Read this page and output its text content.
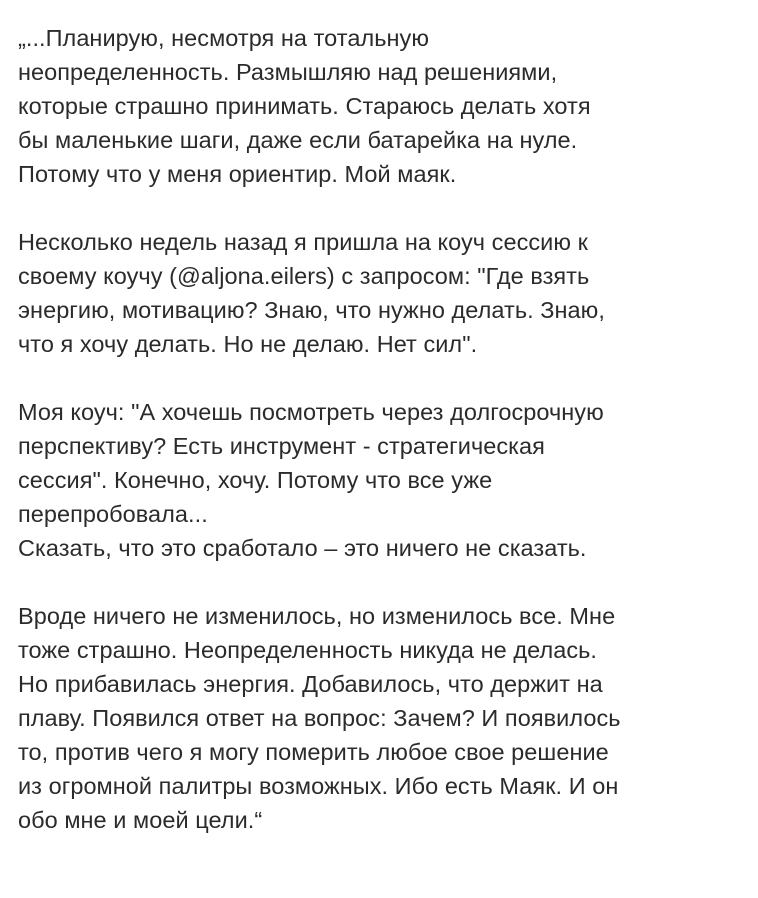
„...Планирую, несмотря на тотальную
неопределенность. Размышляю над решениями,
которые страшно принимать. Стараюсь делать хотя
бы маленькие шаги, даже если батарейка на нуле.
Потому что у меня ориентир. Мой маяк.

Несколько недель назад я пришла на коуч сессию к
своему коучу (@aljona.eilers) с запросом: "Где взять
энергию, мотивацию? Знаю, что нужно делать. Знаю,
что я хочу делать. Но не делаю. Нет сил".

Моя коуч: "А хочешь посмотреть через долгосрочную
перспективу? Есть инструмент - стратегическая
сессия". Конечно, хочу. Потому что все уже
перепробовала...
Сказать, что это сработало – это ничего не сказать.

Вроде ничего не изменилось, но изменилось все. Мне
тоже страшно. Неопределенность никуда не делась.
Но прибавилась энергия. Добавилось, что держит на
плаву. Появился ответ на вопрос: Зачем? И появилось
то, против чего я могу померить любое свое решение
из огромной палитры возможных. Ибо есть Маяк. И он
обо мне и моей цели.“
